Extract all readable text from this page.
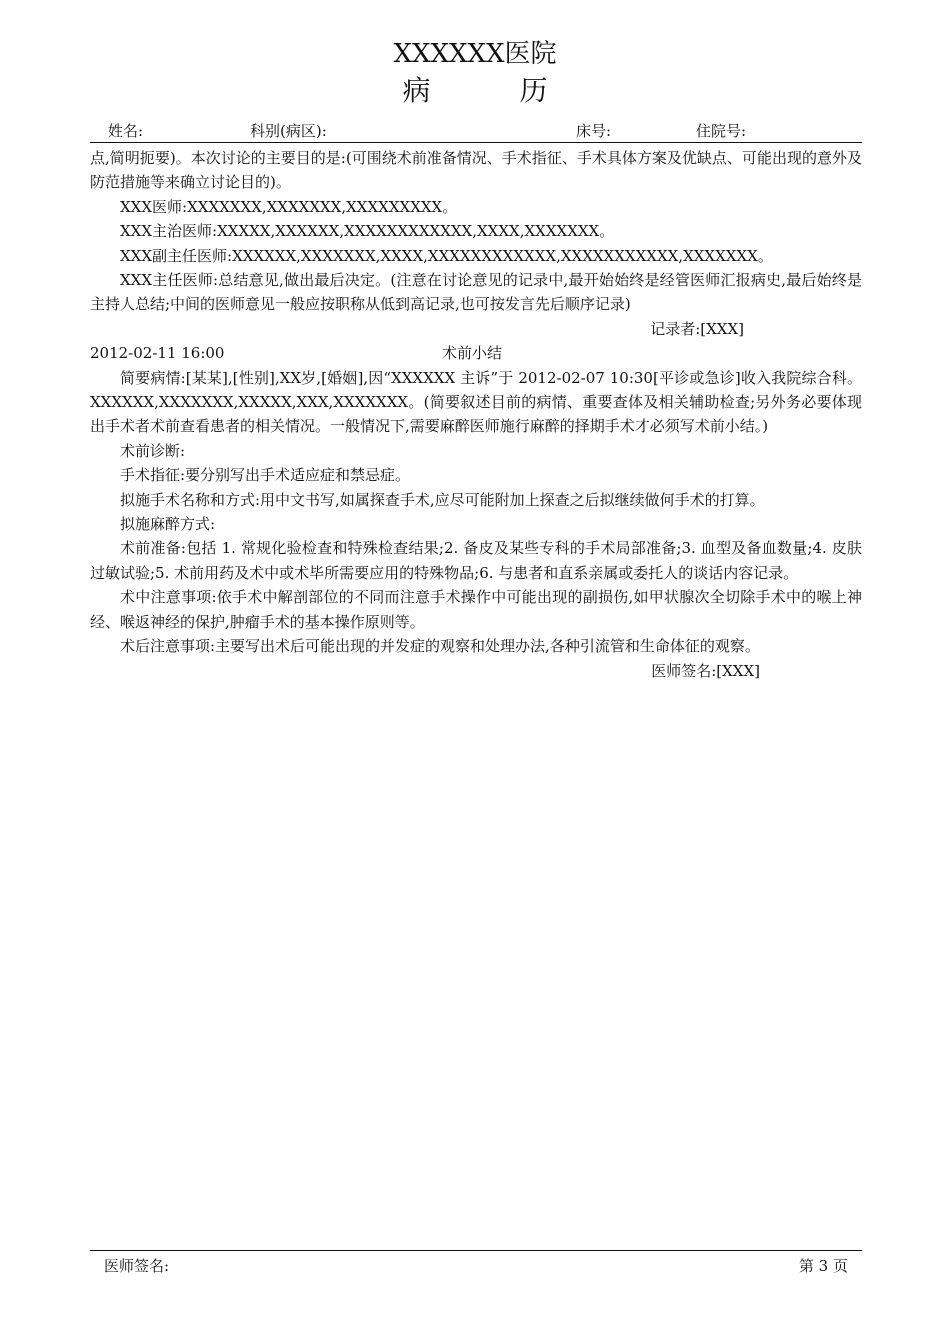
XXXXXX医院
病 历
姓名:	科别(病区):	床号:	住院号:

点,简明扼要)。本次讨论的主要目的是:(可围绕术前准备情况、手术指征、手术具体方案及优缺点、可能出现的意外及防范措施等来确立讨论目的)。

XXX医师:XXXXXXX,XXXXXXX,XXXXXXXXX。

XXX主治医师:XXXXX,XXXXXX,XXXXXXXXXXXX,XXXX,XXXXXXX。

XXX副主任医师:XXXXXX,XXXXXXX,XXXX,XXXXXXXXXXXX,XXXXXXXXXXX,XXXXXXX。

XXX主任医师:总结意见,做出最后决定。(注意在讨论意见的记录中,最开始始终是经管医师汇报病史,最后始终是主持人总结;中间的医师意见一般应按职称从低到高记录,也可按发言先后顺序记录)

记录者:[XXX]

2012-02-11 16:00	术前小结

简要病情:[某某],[性别],XX岁,[婚姻],因“XXXXXX 主诉”于 2012-02-07 10:30[平诊或急诊]收入我院综合科。XXXXXX,XXXXXXX,XXXXX,XXX,XXXXXXX。(简要叙述目前的病情、重要查体及相关辅助检查;另外务必要体现出手术者术前查看患者的相关情况。一般情况下,需要麻醉医师施行麻醉的择期手术才必须写术前小结。)

术前诊断:

手术指征:要分别写出手术适应症和禁忌症。

拟施手术名称和方式:用中文书写,如属探查手术,应尽可能附加上探查之后拟继续做何手术的打算。

拟施麻醉方式:

术前准备:包括 1. 常规化验检查和特殊检查结果;2. 备皮及某些专科的手术局部准备;3. 血型及备血数量;4. 皮肤过敏试验;5. 术前用药及术中或术毕所需要应用的特殊物品;6. 与患者和直系亲属或委托人的谈话内容记录。

术中注意事项:依手术中解剖部位的不同而注意手术操作中可能出现的副损伤,如甲状腺次全切除手术中的喉上神经、喉返神经的保护,肿瘤手术的基本操作原则等。

术后注意事项:主要写出术后可能出现的并发症的观察和处理办法,各种引流管和生命体征的观察。

医师签名:[XXX]

医师签名:	第 3 页
